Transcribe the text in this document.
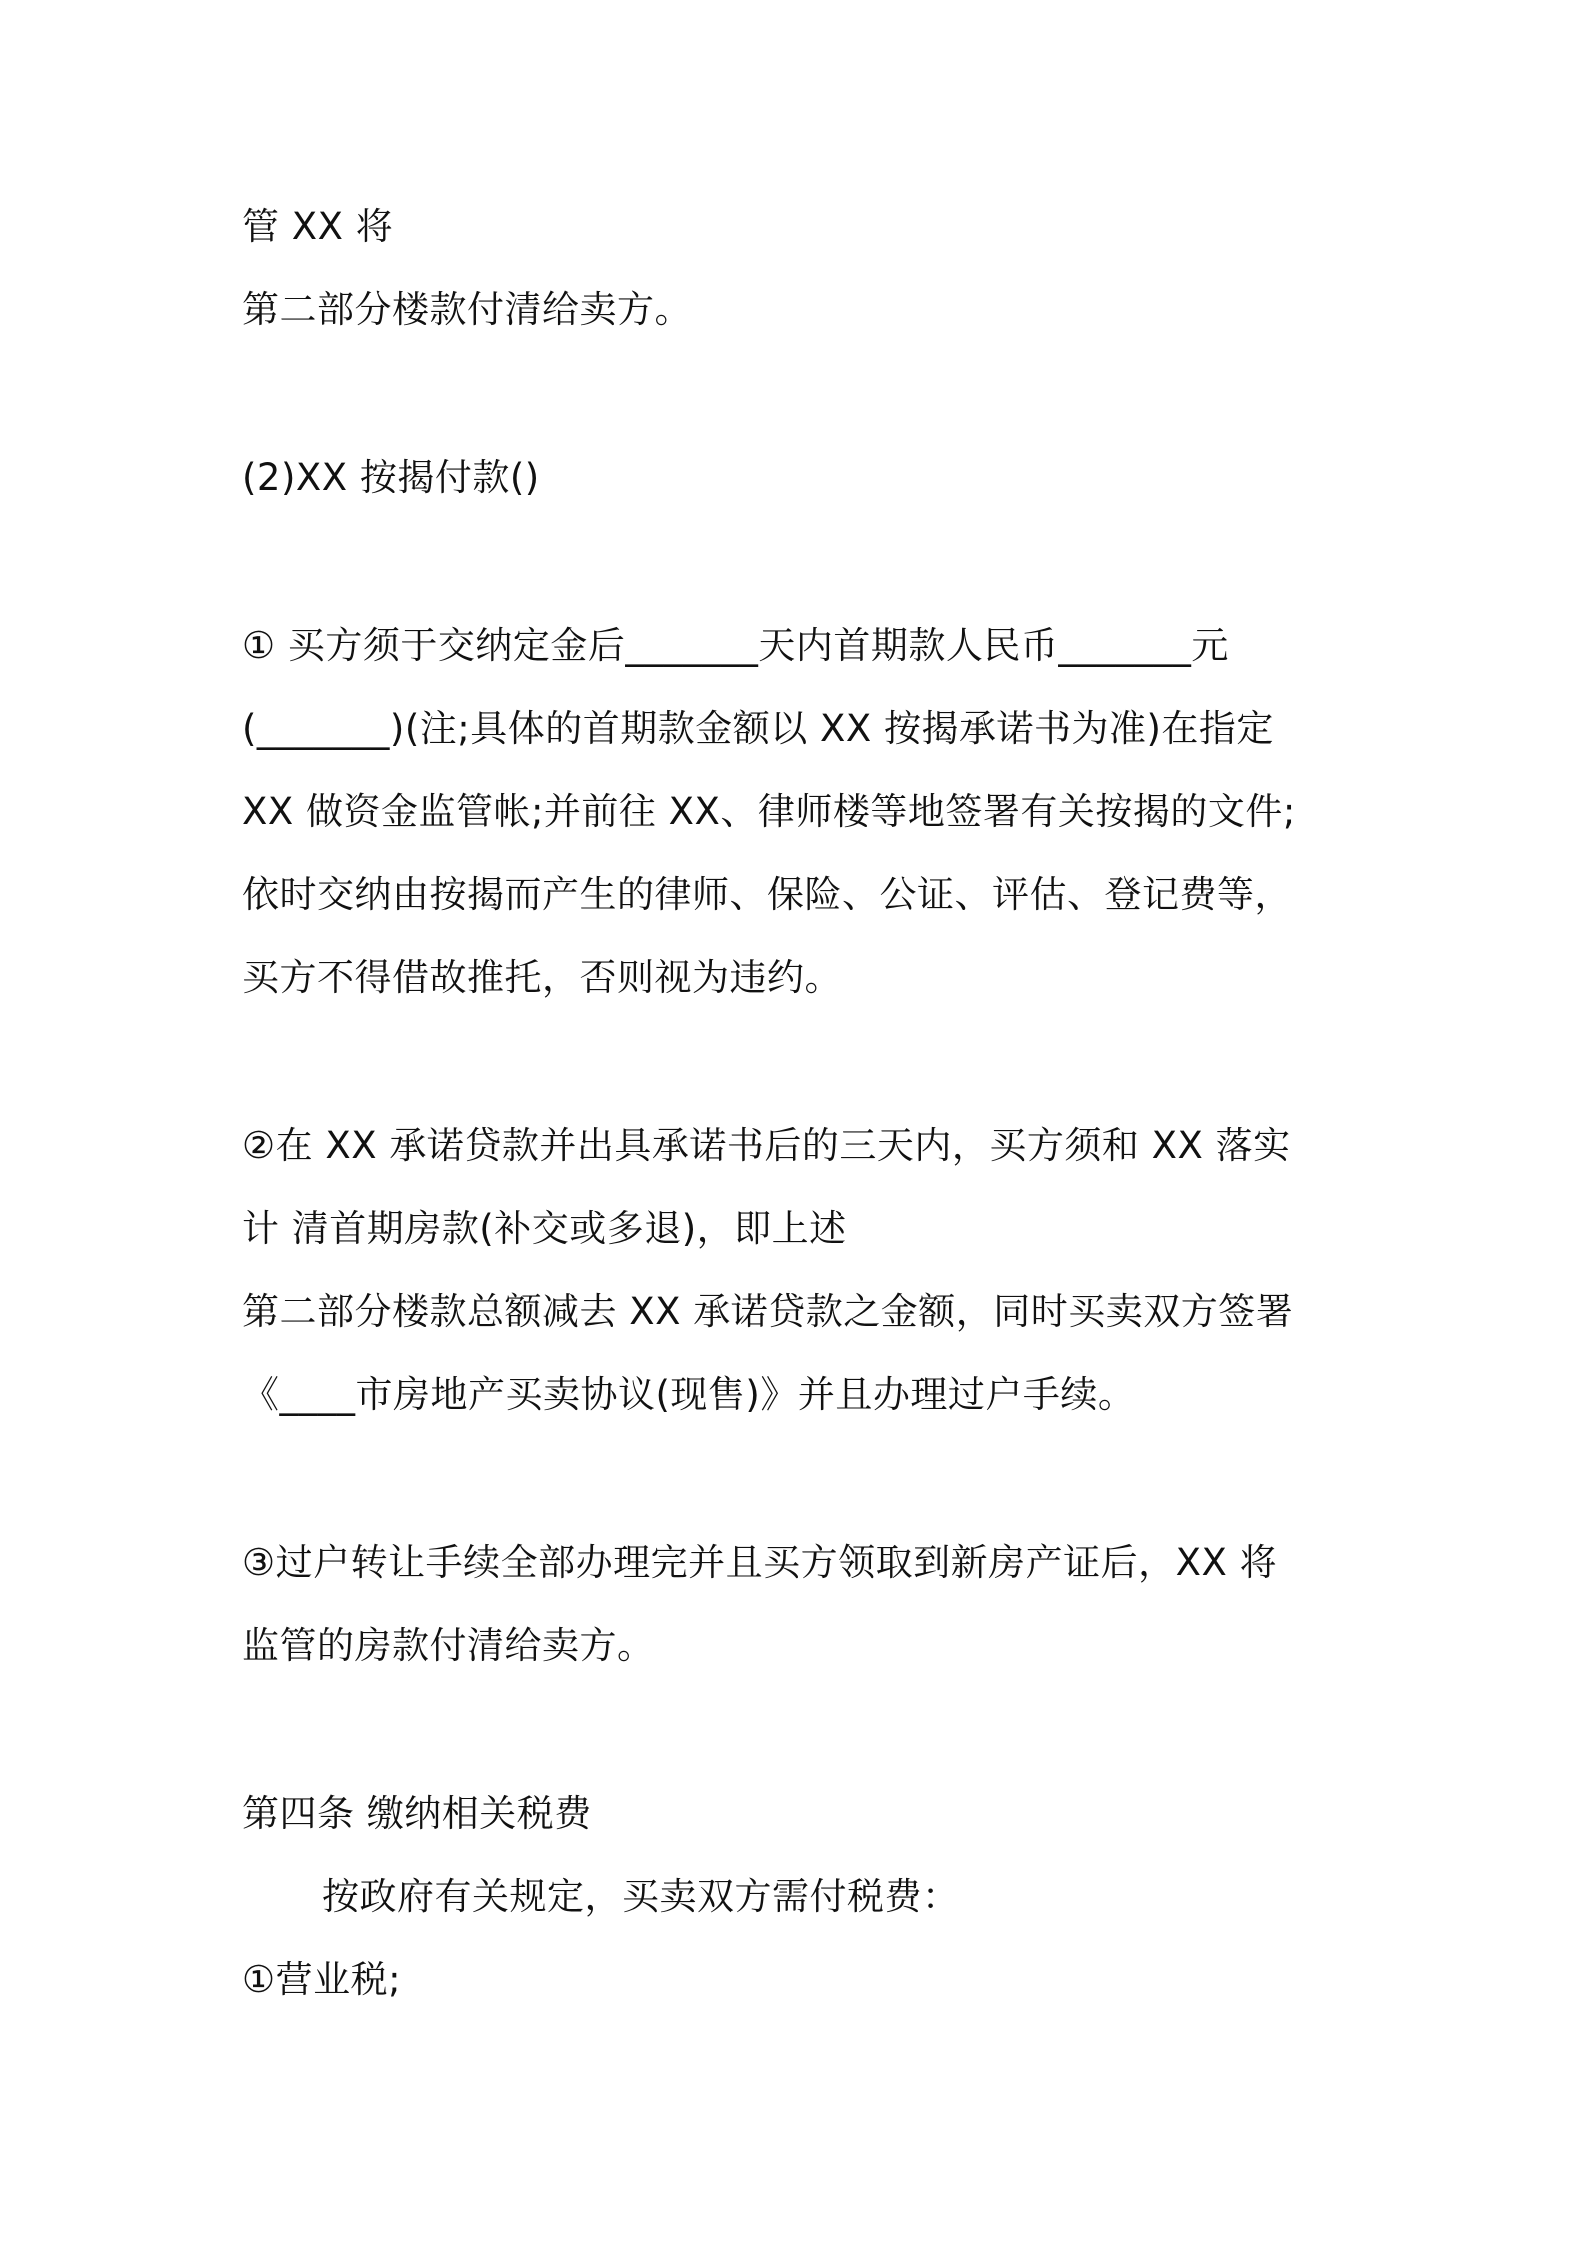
管 XX 将
第二部分楼款付清给卖方。
(2)XX 按揭付款()
① 买方须于交纳定金后_______天内首期款人民币_______元
(_______)(注;具体的首期款金额以 XX 按揭承诺书为准)在指定
XX 做资金监管帐;并前往 XX、律师楼等地签署有关按揭的文件;
依时交纳由按揭而产生的律师、保险、公证、评估、登记费等，
买方不得借故推托，否则视为违约。
②在 XX 承诺贷款并出具承诺书后的三天内，买方须和 XX 落实
计 清首期房款(补交或多退)，即上述
第二部分楼款总额减去 XX 承诺贷款之金额，同时买卖双方签署
《____市房地产买卖协议(现售)》并且办理过户手续。
③过户转让手续全部办理完并且买方领取到新房产证后，XX 将
监管的房款付清给卖方。
第四条 缴纳相关税费
按政府有关规定，买卖双方需付税费：
①营业税;
